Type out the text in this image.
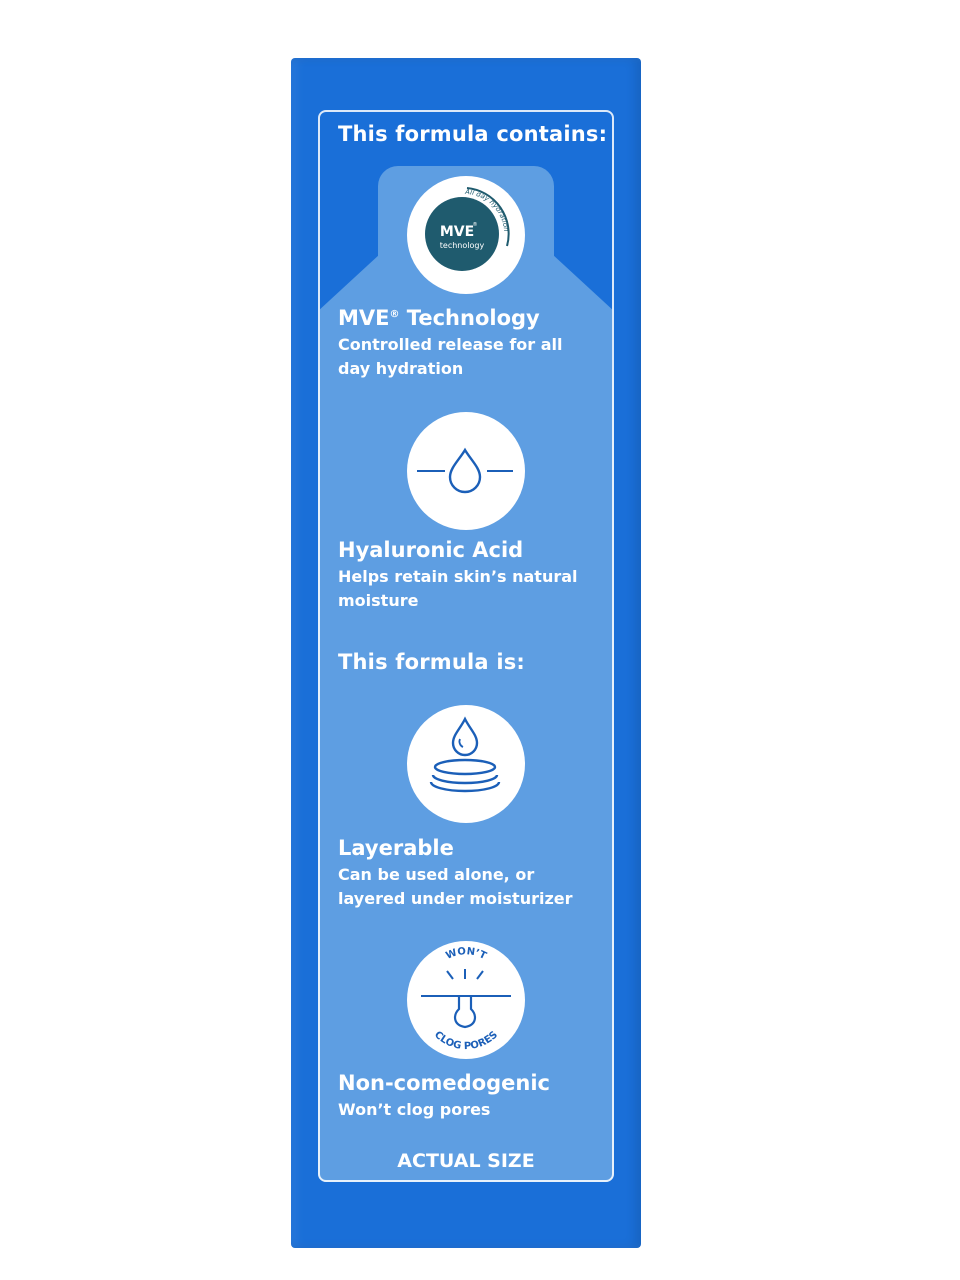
This formula contains:
All day hydration
MVE
®
technology
MVE® Technology
Controlled release for all
day hydration
Hyaluronic Acid
Helps retain skin’s natural
moisture
This formula is:
Layerable
Can be used alone, or
layered under moisturizer
WON’T
CLOG PORES
Non-comedogenic
Won’t clog pores
ACTUAL SIZE
